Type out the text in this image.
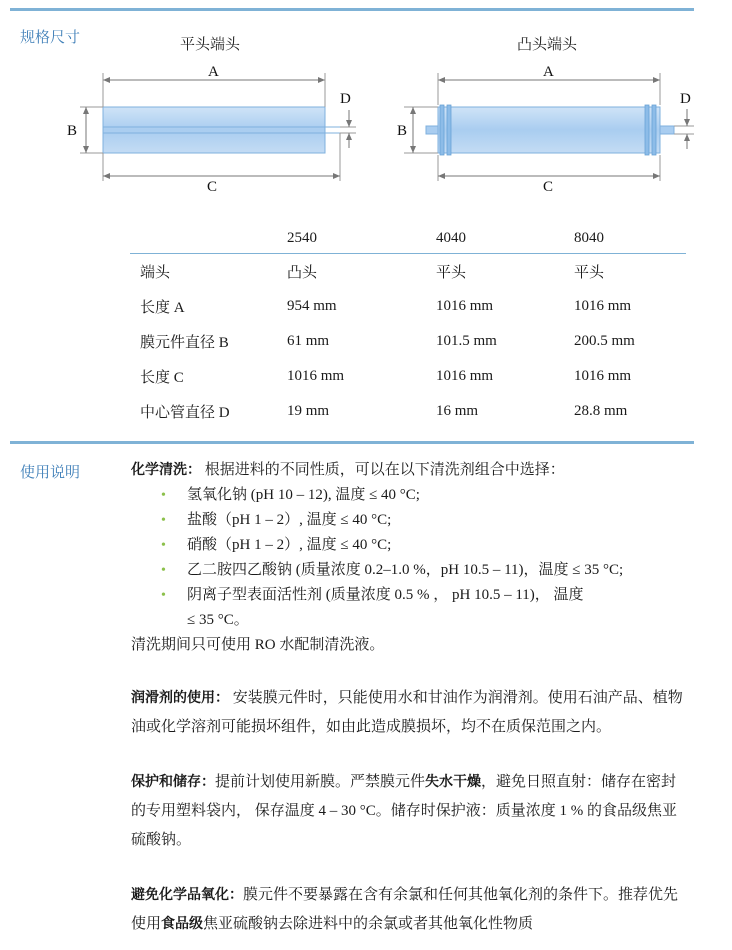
规格尺寸	平头端头	凸头端头
A
B
C
D
A
B
C
D
	2540	4040	8040
端头	凸头	平头	平头
长度 A	954 mm	1016 mm	1016 mm
膜元件直径 B	61 mm	101.5 mm	200.5 mm
长度 C	1016 mm	1016 mm	1016 mm
中心管直径 D	19 mm	16 mm	28.8 mm
使用说明	化学清洗： 根据进料的不同性质，可以在以下清洗剂组合中选择：

• 氢氧化钠 (pH 10 – 12), 温度 ≤ 40 °C;
• 盐酸（pH 1 – 2）, 温度 ≤ 40 °C;
• 硝酸（pH 1 – 2）, 温度 ≤ 40 °C;
• 乙二胺四乙酸钠 (质量浓度 0.2–1.0 %，pH 10.5 – 11)，温度 ≤ 35 °C;
• 阴离子型表面活性剂 (质量浓度 0.5 % ， pH 10.5 – 11)， 温度
≤ 35 °C。

清洗期间只可使用 RO 水配制清洗液。

润滑剂的使用： 安装膜元件时，只能使用水和甘油作为润滑剂。使用石油产品、植物油或化学溶剂可能损坏组件，如由此造成膜损坏，均不在质保范围之内。

保护和储存：提前计划使用新膜。严禁膜元件失水干燥，避免日照直射：储存在密封的专用塑料袋内， 保存温度 4 – 30 °C。储存时保护液：质量浓度 1 % 的食品级焦亚硫酸钠。

避免化学品氧化：膜元件不要暴露在含有余氯和任何其他氧化剂的条件下。推荐优先使用食品级焦亚硫酸钠去除进料中的余氯或者其他氧化性物质
